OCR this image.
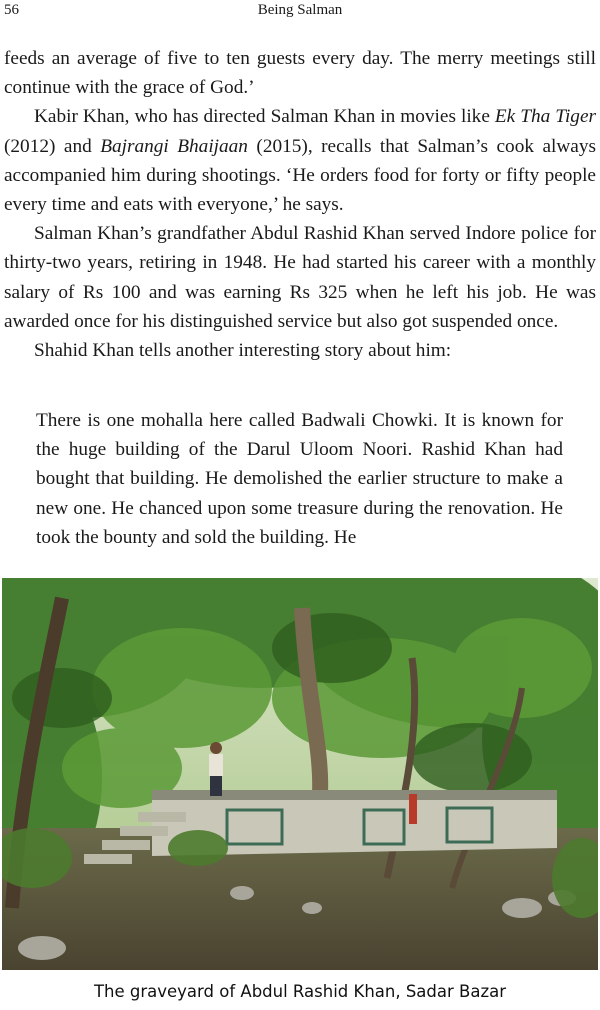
56	Being Salman

feeds an average of five to ten guests every day. The merry meetings still continue with the grace of God.’

Kabir Khan, who has directed Salman Khan in movies like Ek Tha Tiger (2012) and Bajrangi Bhaijaan (2015), recalls that Salman’s cook always accompanied him during shootings. ‘He orders food for forty or fifty people every time and eats with everyone,’ he says.

Salman Khan’s grandfather Abdul Rashid Khan served Indore police for thirty-two years, retiring in 1948. He had started his career with a monthly salary of Rs 100 and was earning Rs 325 when he left his job. He was awarded once for his distinguished service but also got suspended once.

Shahid Khan tells another interesting story about him:

There is one mohalla here called Badwali Chowki. It is known for the huge building of the Darul Uloom Noori. Rashid Khan had bought that building. He demolished the earlier structure to make a new one. He chanced upon some treasure during the renovation. He took the bounty and sold the building. He

The graveyard of Abdul Rashid Khan, Sadar Bazar
